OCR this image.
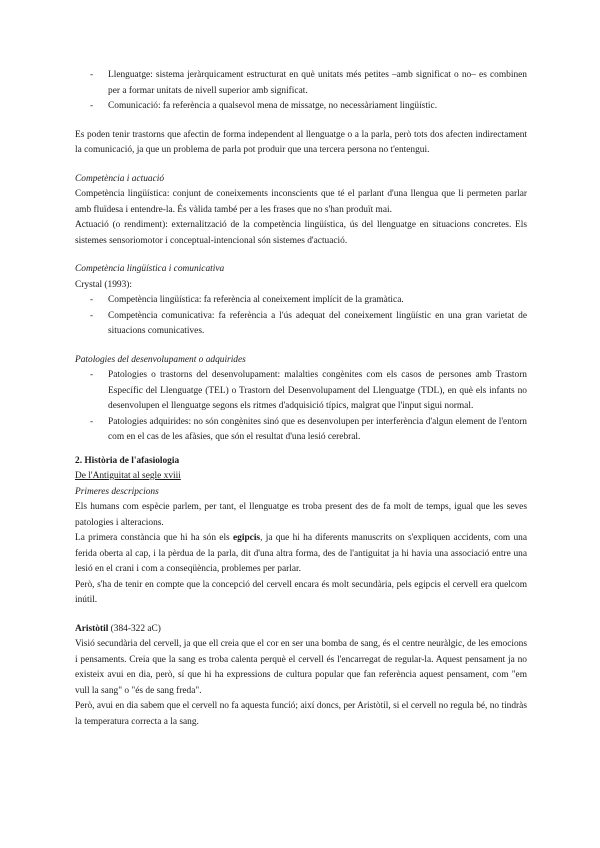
- Llenguatge: sistema jeràrquicament estructurat en què unitats més petites –amb significat o no– es combinen per a formar unitats de nivell superior amb significat.
- Comunicació: fa referència a qualsevol mena de missatge, no necessàriament lingüístic.

Es poden tenir trastorns que afectin de forma independent al llenguatge o a la parla, però tots dos afecten indirectament la comunicació, ja que un problema de parla pot produir que una tercera persona no t'entengui.

Competència i actuació

Competència lingüística: conjunt de coneixements inconscients que té el parlant d'una llengua que li permeten parlar amb fluïdesa i entendre-la. És vàlida també per a les frases que no s'han produït mai.

Actuació (o rendiment): externalització de la competència lingüística, ús del llenguatge en situacions concretes. Els sistemes sensoriomotor i conceptual-intencional són sistemes d'actuació.

Competència lingüística i comunicativa

Crystal (1993):

- Competència lingüística: fa referència al coneixement implícit de la gramàtica.
- Competència comunicativa: fa referència a l'ús adequat del coneixement lingüístic en una gran varietat de situacions comunicatives.

Patologies del desenvolupament o adquirides

- Patologies o trastorns del desenvolupament: malalties congènites com els casos de persones amb Trastorn Específic del Llenguatge (TEL) o Trastorn del Desenvolupament del Llenguatge (TDL), en què els infants no desenvolupen el llenguatge segons els ritmes d'adquisició típics, malgrat que l'input sigui normal.
- Patologies adquirides: no són congènites sinó que es desenvolupen per interferència d'algun element de l'entorn com en el cas de les afàsies, que són el resultat d'una lesió cerebral.

2. Història de l'afasiologia

De l'Antiguitat al segle xviii

Primeres descripcions

Els humans com espècie parlem, per tant, el llenguatge es troba present des de fa molt de temps, igual que les seves patologies i alteracions.

La primera constància que hi ha són els egipcis, ja que hi ha diferents manuscrits on s'expliquen accidents, com una ferida oberta al cap, i la pèrdua de la parla, dit d'una altra forma, des de l'antiguitat ja hi havia una associació entre una lesió en el crani i com a conseqüència, problemes per parlar.

Però, s'ha de tenir en compte que la concepció del cervell encara és molt secundària, pels egipcis el cervell era quelcom inútil.

Aristòtil (384-322 aC)

Visió secundària del cervell, ja que ell creia que el cor en ser una bomba de sang, és el centre neuràlgic, de les emocions i pensaments. Creia que la sang es troba calenta perquè el cervell és l'encarregat de regular-la. Aquest pensament ja no existeix avui en dia, però, sí que hi ha expressions de cultura popular que fan referència aquest pensament, com "em vull la sang" o "és de sang freda".

Però, avui en dia sabem que el cervell no fa aquesta funció; així doncs, per Aristòtil, si el cervell no regula bé, no tindràs la temperatura correcta a la sang.
